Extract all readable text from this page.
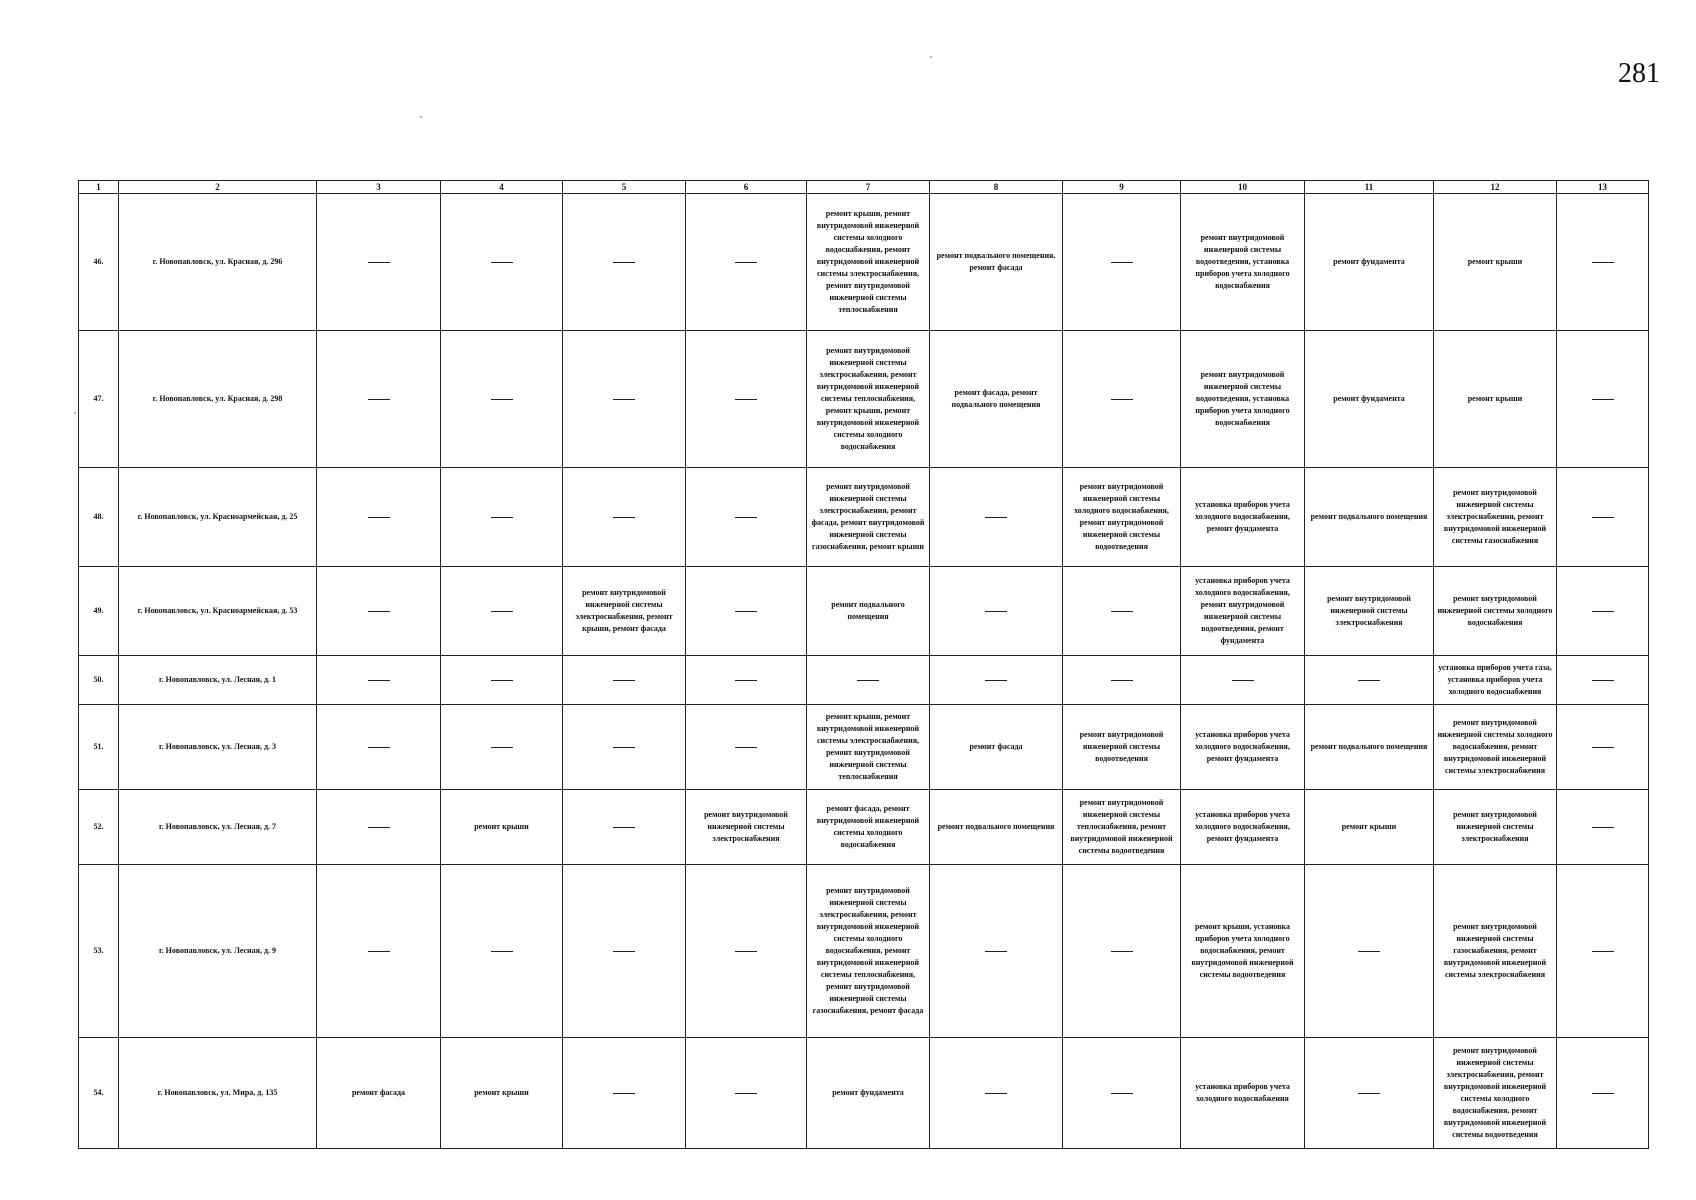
281
1	2	3	4	5	6	7	8	9	10	11	12	13
46.	г. Новопавловск, ул. Красная, д. 296					ремонт крыши, ремонт внутридомовой инженерной системы холодного водоснабжения, ремонт внутридомовой инженерной системы электроснабжения, ремонт внутридомовой инженерной системы теплоснабжения	ремонт подвального помещения, ремонт фасада		ремонт внутридомовой инженерной системы водоотведения, установка приборов учета холодного водоснабжения	ремонт фундамента	ремонт крыши	
47.	г. Новопавловск, ул. Красная, д. 298					ремонт внутридомовой инженерной системы электроснабжения, ремонт внутридомовой инженерной системы теплоснабжения, ремонт крыши, ремонт внутридомовой инженерной системы холодного водоснабжения	ремонт фасада, ремонт подвального помещения		ремонт внутридомовой инженерной системы водоотведения, установка приборов учета холодного водоснабжения	ремонт фундамента	ремонт крыши	
48.	г. Новопавловск, ул. Красноармейская, д. 25					ремонт внутридомовой инженерной системы электроснабжения, ремонт фасада, ремонт внутридомовой инженерной системы газоснабжения, ремонт крыши		ремонт внутридомовой инженерной системы холодного водоснабжения, ремонт внутридомовой инженерной системы водоотведения	установка приборов учета холодного водоснабжения, ремонт фундамента	ремонт подвального помещения	ремонт внутридомовой инженерной системы электроснабжения, ремонт внутридомовой инженерной системы газоснабжения	
49.	г. Новопавловск, ул. Красноармейская, д. 53			ремонт внутридомовой инженерной системы электроснабжения, ремонт крыши, ремонт фасада		ремонт подвального помещения			установка приборов учета холодного водоснабжения, ремонт внутридомовой инженерной системы водоотведения, ремонт фундамента	ремонт внутридомовой инженерной системы электроснабжения	ремонт внутридомовой инженерной системы холодного водоснабжения	
50.	г. Новопавловск, ул. Лесная, д. 1										установка приборов учета газа, установка приборов учета холодного водоснабжения	
51.	г. Новопавловск, ул. Лесная, д. 3					ремонт крыши, ремонт внутридомовой инженерной системы электроснабжения, ремонт внутридомовой инженерной системы теплоснабжения	ремонт фасада	ремонт внутридомовой инженерной системы водоотведения	установка приборов учета холодного водоснабжения, ремонт фундамента	ремонт подвального помещения	ремонт внутридомовой инженерной системы холодного водоснабжения, ремонт внутридомовой инженерной системы электроснабжения	
52.	г. Новопавловск, ул. Лесная, д. 7		ремонт крыши		ремонт внутридомовой инженерной системы электроснабжения	ремонт фасада, ремонт внутридомовой инженерной системы холодного водоснабжения	ремонт подвального помещения	ремонт внутридомовой инженерной системы теплоснабжения, ремонт внутридомовой инженерной системы водоотведения	установка приборов учета холодного водоснабжения, ремонт фундамента	ремонт крыши	ремонт внутридомовой инженерной системы электроснабжения	
53.	г. Новопавловск, ул. Лесная, д. 9					ремонт внутридомовой инженерной системы электроснабжения, ремонт внутридомовой инженерной системы холодного водоснабжения, ремонт внутридомовой инженерной системы теплоснабжения, ремонт внутридомовой инженерной системы газоснабжения, ремонт фасада			ремонт крыши, установка приборов учета холодного водоснабжения, ремонт внутридомовой инженерной системы водоотведения		ремонт внутридомовой инженерной системы газоснабжения, ремонт внутридомовой инженерной системы электроснабжения	
54.	г. Новопавловск, ул. Мира, д. 135	ремонт фасада	ремонт крыши			ремонт фундамента			установка приборов учета холодного водоснабжения		ремонт внутридомовой инженерной системы электроснабжения, ремонт внутридомовой инженерной системы холодного водоснабжения, ремонт внутридомовой инженерной системы водоотведения	
